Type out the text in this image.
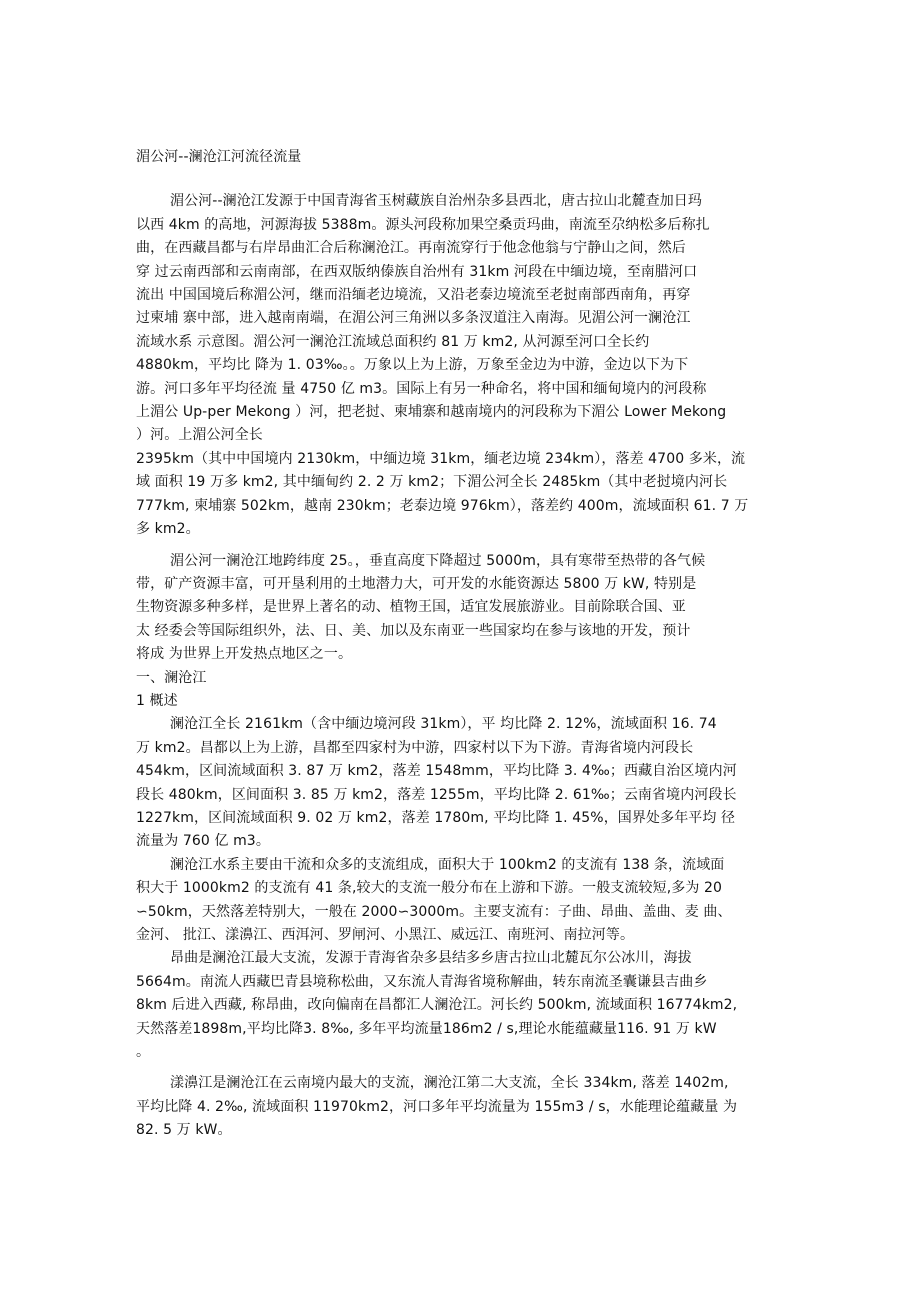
湄公河--澜沧江河流径流量
湄公河--澜沧江发源于中国青海省玉树藏族自治州杂多县西北，唐古拉山北麓查加日玛
以西 4km 的高地，河源海拔 5388m。源头河段称加果空桑贡玛曲，南流至尕纳松多后称扎
曲，在西藏昌都与右岸昂曲汇合后称澜沧江。再南流穿行于他念他翁与宁静山之间，然后
穿 过云南西部和云南南部，在西双版纳傣族自治州有 31km 河段在中缅边境，至南腊河口
流出 中国国境后称湄公河，继而沿缅老边境流，又沿老泰边境流至老挝南部西南角，再穿
过柬埔 寨中部，进入越南南端，在湄公河三角洲以多条汊道注入南海。见湄公河一澜沧江
流域水系 示意图。湄公河一澜沧江流域总面积约 81 万 km2, 从河源至河口全长约
4880km，平均比 降为 1. 03‰。。万象以上为上游，万象至金边为中游，金边以下为下
游。河口多年平均径流 量 4750 亿 m3。国际上有另一种命名，将中国和缅甸境内的河段称
上湄公 Up-per Mekong ）河，把老挝、柬埔寨和越南境内的河段称为下湄公 Lower Mekong
）河。上湄公河全长
2395km（其中中国境内 2130km，中缅边境 31km，缅老边境 234km），落差 4700 多米，流
域 面积 19 万多 km2, 其中缅甸约 2. 2 万 km2；下湄公河全长 2485km（其中老挝境内河长
777km, 柬埔寨 502km，越南 230km；老泰边境 976km），落差约 400m，流域面积 61. 7 万
多 km2。
湄公河一澜沧江地跨纬度 25。，垂直高度下降超过 5000m，具有寒带至热带的各气候
带，矿产资源丰富，可开垦利用的土地潜力大，可开发的水能资源达 5800 万 kW, 特别是
生物资源多种多样，是世界上著名的动、植物王国，适宜发展旅游业。目前除联合国、亚
太 经委会等国际组织外，法、日、美、加以及东南亚一些国家均在参与该地的开发，预计
将成 为世界上开发热点地区之一。
一、澜沧江
1 概述
澜沧江全长 2161km（含中缅边境河段 31km），平 均比降 2. 12%，流域面积 16. 74
万 km2。昌都以上为上游，昌都至四家村为中游，四家村以下为下游。青海省境内河段长
454km，区间流域面积 3. 87 万 km2，落差 1548mm，平均比降 3. 4‰；西藏自治区境内河
段长 480km，区间面积 3. 85 万 km2，落差 1255m，平均比降 2. 61‰；云南省境内河段长
1227km，区间流域面积 9. 02 万 km2，落差 1780m, 平均比降 1. 45%，国界处多年平均 径
流量为 760 亿 m3。
澜沧江水系主要由干流和众多的支流组成，面积大于 100km2 的支流有 138 条，流域面
积大于 1000km2 的支流有 41 条,较大的支流一般分布在上游和下游。一般支流较短,多为 20
∽50km，天然落差特别大，一般在 2000∽3000m。主要支流有：子曲、昂曲、盖曲、麦 曲、
金河、 批江、漾濞江、西洱河、罗闸河、小黑江、威远江、南班河、南拉河等。
昂曲是澜沧江最大支流，发源于青海省杂多县结多乡唐古拉山北麓瓦尔公冰川，海拔
5664m。南流人西藏巴青县境称松曲，又东流人青海省境称解曲，转东南流圣囊谦县吉曲乡
8km 后进入西藏, 称昂曲，改向偏南在昌都汇人澜沧江。河长约 500km, 流域面积 16774km2,
天然落差1898m,平均比降3. 8‰, 多年平均流量186m2 / s,理论水能蕴藏量116. 91 万 kW
。
漾濞江是澜沧江在云南境内最大的支流，澜沧江第二大支流，全长 334km, 落差 1402m,
平均比降 4. 2‰, 流域面积 11970km2，河口多年平均流量为 155m3 / s，水能理论蕴藏量 为
82. 5 万 kW。
